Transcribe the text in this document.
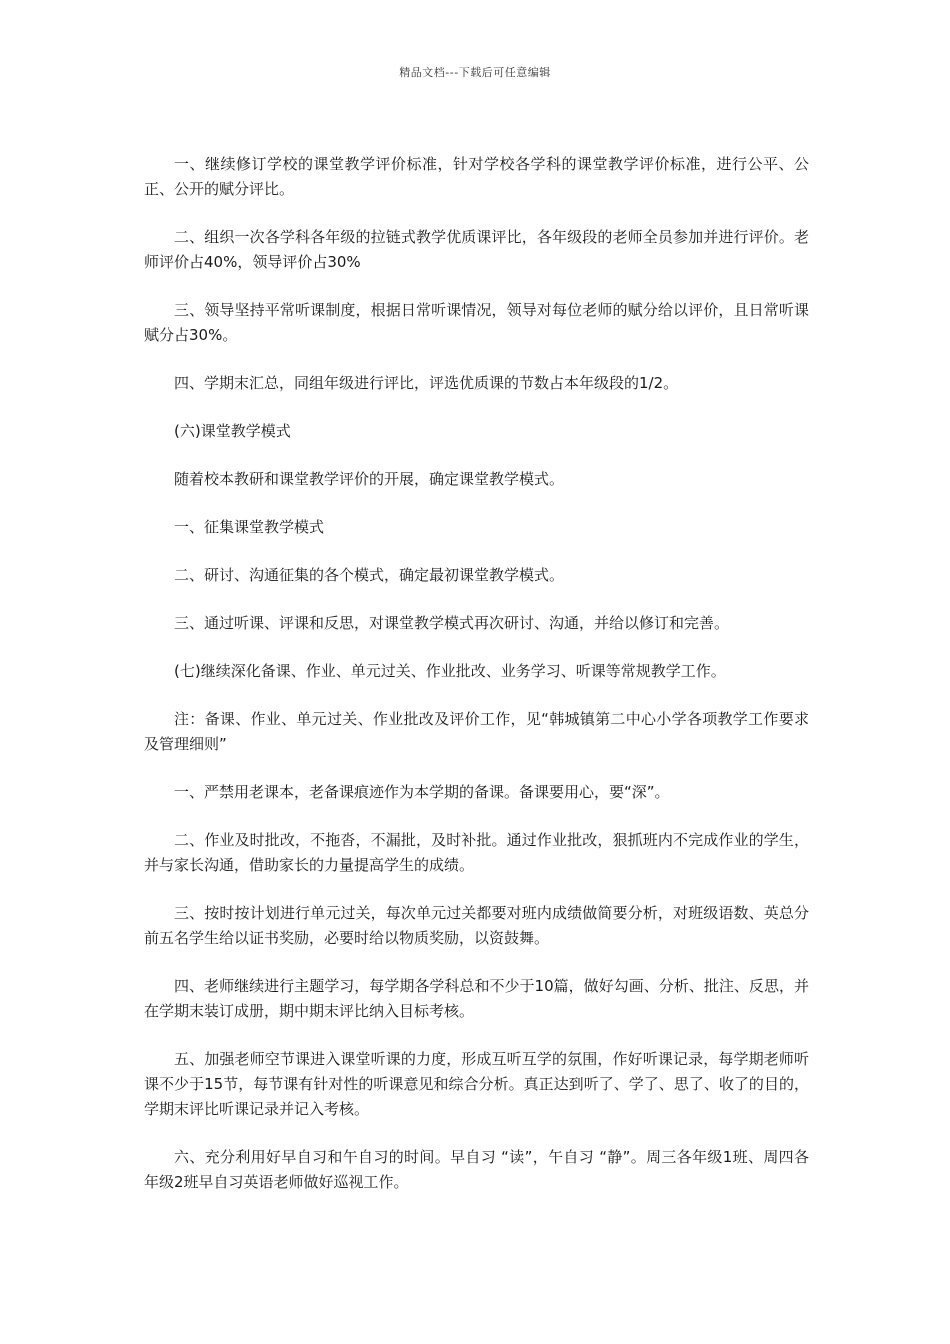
精品文档---下载后可任意编辑

一、继续修订学校的课堂教学评价标准，针对学校各学科的课堂教学评价标准，进行公平、公正、公开的赋分评比。

二、组织一次各学科各年级的拉链式教学优质课评比，各年级段的老师全员参加并进行评价。老师评价占40%，领导评价占30%

三、领导坚持平常听课制度，根据日常听课情况，领导对每位老师的赋分给以评价，且日常听课赋分占30%。

四、学期末汇总，同组年级进行评比，评选优质课的节数占本年级段的1/2。

(六)课堂教学模式

随着校本教研和课堂教学评价的开展，确定课堂教学模式。

一、征集课堂教学模式

二、研讨、沟通征集的各个模式，确定最初课堂教学模式。

三、通过听课、评课和反思，对课堂教学模式再次研讨、沟通，并给以修订和完善。

(七)继续深化备课、作业、单元过关、作业批改、业务学习、听课等常规教学工作。

注：备课、作业、单元过关、作业批改及评价工作，见“韩城镇第二中心小学各项教学工作要求及管理细则”

一、严禁用老课本，老备课痕迹作为本学期的备课。备课要用心，要“深”。

二、作业及时批改，不拖沓，不漏批，及时补批。通过作业批改，狠抓班内不完成作业的学生，并与家长沟通，借助家长的力量提高学生的成绩。

三、按时按计划进行单元过关，每次单元过关都要对班内成绩做简要分析，对班级语数、英总分前五名学生给以证书奖励，必要时给以物质奖励，以资鼓舞。

四、老师继续进行主题学习，每学期各学科总和不少于10篇，做好勾画、分析、批注、反思，并在学期末装订成册，期中期末评比纳入目标考核。

五、加强老师空节课进入课堂听课的力度，形成互听互学的氛围，作好听课记录，每学期老师听课不少于15节，每节课有针对性的听课意见和综合分析。真正达到听了、学了、思了、收了的目的，学期末评比听课记录并记入考核。

六、充分利用好早自习和午自习的时间。早自习 “读”，午自习 “静”。周三各年级1班、周四各年级2班早自习英语老师做好巡视工作。
